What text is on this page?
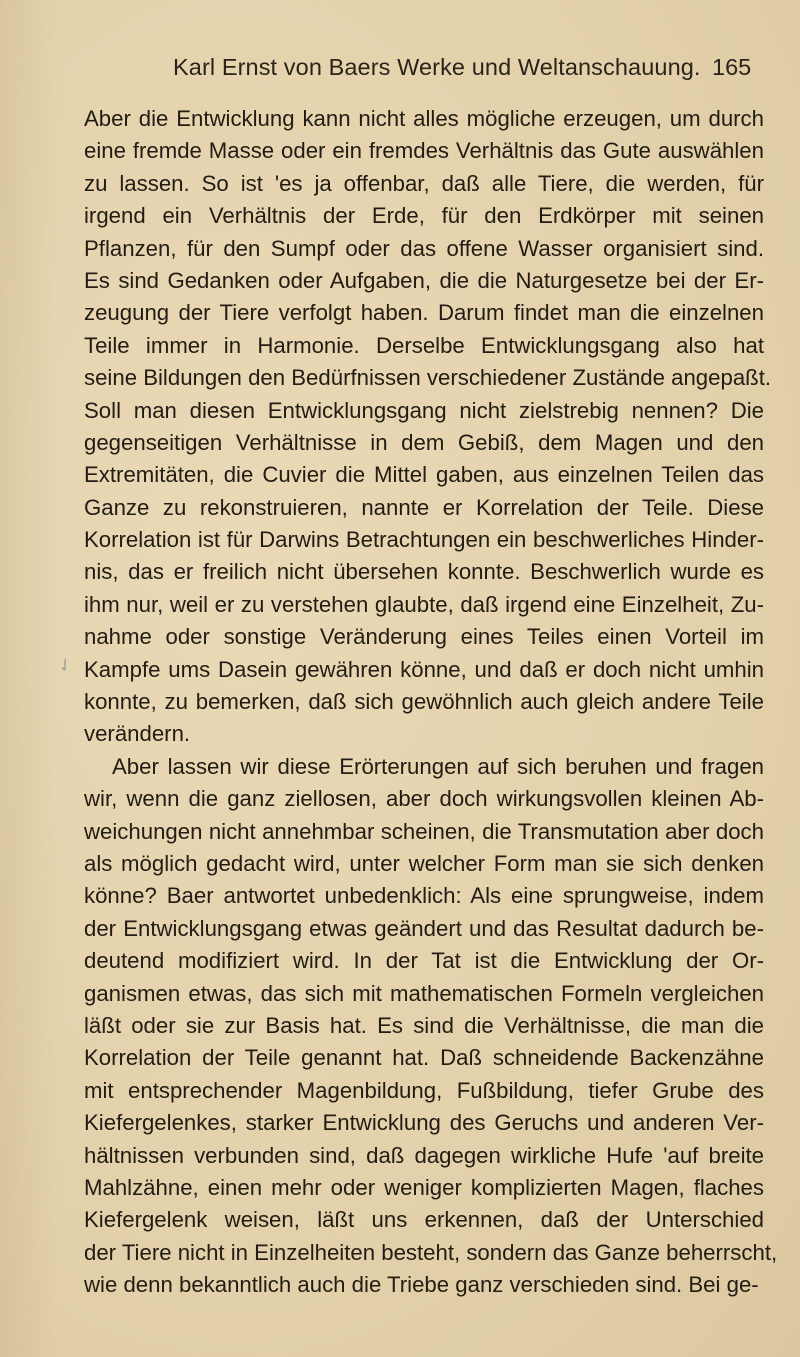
✓
Karl Ernst von Baers Werke und Weltanschauung. 165
Aber die Entwicklung kann nicht alles mögliche erzeugen, um durch
eine fremde Masse oder ein fremdes Verhältnis das Gute auswählen
zu lassen. So ist 'es ja offenbar, daß alle Tiere, die werden, für
irgend ein Verhältnis der Erde, für den Erdkörper mit seinen
Pflanzen, für den Sumpf oder das offene Wasser organisiert sind.
Es sind Gedanken oder Aufgaben, die die Naturgesetze bei der Er-
zeugung der Tiere verfolgt haben. Darum findet man die einzelnen
Teile immer in Harmonie. Derselbe Entwicklungsgang also hat
seine Bildungen den Bedürfnissen verschiedener Zustände angepaßt.
Soll man diesen Entwicklungsgang nicht zielstrebig nennen? Die
gegenseitigen Verhältnisse in dem Gebiß, dem Magen und den
Extremitäten, die Cuvier die Mittel gaben, aus einzelnen Teilen das
Ganze zu rekonstruieren, nannte er Korrelation der Teile. Diese
Korrelation ist für Darwins Betrachtungen ein beschwerliches Hinder-
nis, das er freilich nicht übersehen konnte. Beschwerlich wurde es
ihm nur, weil er zu verstehen glaubte, daß irgend eine Einzelheit, Zu-
nahme oder sonstige Veränderung eines Teiles einen Vorteil im
Kampfe ums Dasein gewähren könne, und daß er doch nicht umhin
konnte, zu bemerken, daß sich gewöhnlich auch gleich andere Teile
verändern.
Aber lassen wir diese Erörterungen auf sich beruhen und fragen
wir, wenn die ganz ziellosen, aber doch wirkungsvollen kleinen Ab-
weichungen nicht annehmbar scheinen, die Transmutation aber doch
als möglich gedacht wird, unter welcher Form man sie sich denken
könne? Baer antwortet unbedenklich: Als eine sprungweise, indem
der Entwicklungsgang etwas geändert und das Resultat dadurch be-
deutend modifiziert wird. In der Tat ist die Entwicklung der Or-
ganismen etwas, das sich mit mathematischen Formeln vergleichen
läßt oder sie zur Basis hat. Es sind die Verhältnisse, die man die
Korrelation der Teile genannt hat. Daß schneidende Backenzähne
mit entsprechender Magenbildung, Fußbildung, tiefer Grube des
Kiefergelenkes, starker Entwicklung des Geruchs und anderen Ver-
hältnissen verbunden sind, daß dagegen wirkliche Hufe 'auf breite
Mahlzähne, einen mehr oder weniger komplizierten Magen, flaches
Kiefergelenk weisen, läßt uns erkennen, daß der Unterschied
der Tiere nicht in Einzelheiten besteht, sondern das Ganze beherrscht,
wie denn bekanntlich auch die Triebe ganz verschieden sind. Bei ge-
